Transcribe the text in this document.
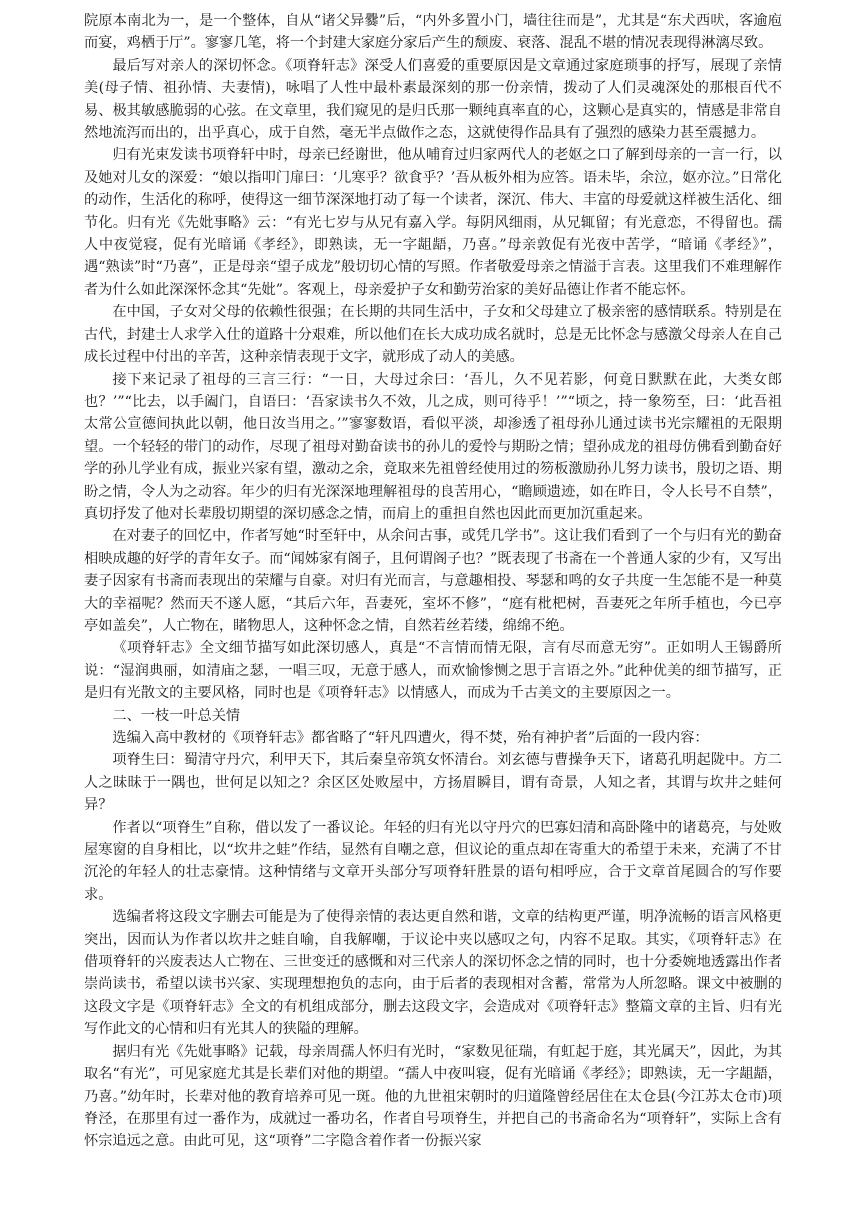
院原本南北为一，是一个整体，自从“诸父异爨”后，“内外多置小门，墙往往而是”，尤其是“东犬西吠，客逾庖而宴，鸡栖于厅”。寥寥几笔，将一个封建大家庭分家后产生的颓废、衰落、混乱不堪的情况表现得淋漓尽致。

最后写对亲人的深切怀念。《项脊轩志》深受人们喜爱的重要原因是文章通过家庭琐事的抒写，展现了亲情美(母子情、祖孙情、夫妻情)，咏唱了人性中最朴素最深刻的那一份亲情，拨动了人们灵魂深处的那根百代不易、极其敏感脆弱的心弦。在文章里，我们窥见的是归氏那一颗纯真率直的心，这颗心是真实的，情感是非常自然地流泻而出的，出乎真心，成于自然，毫无半点做作之态，这就使得作品具有了强烈的感染力甚至震撼力。

归有光束发读书项脊轩中时，母亲已经谢世，他从哺育过归家两代人的老妪之口了解到母亲的一言一行，以及她对儿女的深爱：“娘以指叩门扉曰：‘儿寒乎？欲食乎？’吾从板外相为应答。语未毕，余泣，妪亦泣。”日常化的动作，生活化的称呼，使得这一细节深深地打动了每一个读者，深沉、伟大、丰富的母爱就这样被生活化、细节化。归有光《先妣事略》云：“有光七岁与从兄有嘉入学。每阴风细雨，从兄辄留；有光意恋，不得留也。孺人中夜觉寝，促有光暗诵《孝经》，即熟读，无一字龃龉，乃喜。”母亲敦促有光夜中苦学，“暗诵《孝经》”，遇“熟读”时“乃喜”，正是母亲“望子成龙”般切切心情的写照。作者敬爱母亲之情溢于言表。这里我们不难理解作者为什么如此深深怀念其“先妣”。客观上，母亲爱护子女和勤劳治家的美好品德让作者不能忘怀。

在中国，子女对父母的依赖性很强；在长期的共同生活中，子女和父母建立了极亲密的感情联系。特别是在古代，封建士人求学入仕的道路十分艰难，所以他们在长大成功成名就时，总是无比怀念与感激父母亲人在自己成长过程中付出的辛苦，这种亲情表现于文字，就形成了动人的美感。

接下来记录了祖母的三言三行：“一日，大母过余曰：‘吾儿，久不见若影，何竟日默默在此，大类女郎也？’”“比去，以手阖门，自语曰：‘吾家读书久不效，儿之成，则可待乎！’”“顷之，持一象笏至，曰：‘此吾祖太常公宣德间执此以朝，他日汝当用之。’”寥寥数语，看似平淡，却渗透了祖母孙儿通过读书光宗耀祖的无限期望。一个轻轻的带门的动作，尽现了祖母对勤奋读书的孙儿的爱怜与期盼之情；望孙成龙的祖母仿佛看到勤奋好学的孙儿学业有成，振业兴家有望，激动之余，竟取来先祖曾经使用过的笏板激励孙儿努力读书，殷切之语、期盼之情，令人为之动容。年少的归有光深深地理解祖母的良苦用心，“瞻顾遗迹，如在昨日，令人长号不自禁”，真切抒发了他对长辈殷切期望的深切感念之情，而肩上的重担自然也因此而更加沉重起来。

在对妻子的回忆中，作者写她“时至轩中，从余问古事，或凭几学书”。这让我们看到了一个与归有光的勤奋相映成趣的好学的青年女子。而“闻姊家有阁子，且何谓阁子也？”既表现了书斋在一个普通人家的少有，又写出妻子因家有书斋而表现出的荣耀与自豪。对归有光而言，与意趣相投、琴瑟和鸣的女子共度一生怎能不是一种莫大的幸福呢？然而天不遂人愿，“其后六年，吾妻死，室坏不修”，“庭有枇杷树，吾妻死之年所手植也，今已亭亭如盖矣”，人亡物在，睹物思人，这种怀念之情，自然若丝若缕，绵绵不绝。

《项脊轩志》全文细节描写如此深切感人，真是“不言情而情无限，言有尽而意无穷”。正如明人王锡爵所说：“湿润典丽，如清庙之瑟，一唱三叹，无意于感人，而欢愉惨恻之思于言语之外。”此种优美的细节描写，正是归有光散文的主要风格，同时也是《项脊轩志》以情感人，而成为千古美文的主要原因之一。

二、一枝一叶总关情

选编入高中教材的《项脊轩志》都省略了“轩凡四遭火，得不焚，殆有神护者”后面的一段内容：

项脊生曰：蜀清守丹穴，利甲天下，其后秦皇帝筑女怀清台。刘玄德与曹操争天下，诸葛孔明起陇中。方二人之昧昧于一隅也，世何足以知之？余区区处败屋中，方扬眉瞬目，谓有奇景，人知之者，其谓与坎井之蛙何异？

作者以“项脊生”自称，借以发了一番议论。年轻的归有光以守丹穴的巴寡妇清和高卧隆中的诸葛亮，与处败屋寒窗的自身相比，以“坎井之蛙”作结，显然有自嘲之意，但议论的重点却在寄重大的希望于未来，充满了不甘沉沦的年轻人的壮志豪情。这种情绪与文章开头部分写项脊轩胜景的语句相呼应，合于文章首尾圆合的写作要求。

选编者将这段文字删去可能是为了使得亲情的表达更自然和谐，文章的结构更严谨，明净流畅的语言风格更突出，因而认为作者以坎井之蛙自喻，自我解嘲，于议论中夹以感叹之句，内容不足取。其实，《项脊轩志》在借项脊轩的兴废表达人亡物在、三世变迁的感慨和对三代亲人的深切怀念之情的同时，也十分委婉地透露出作者崇尚读书，希望以读书兴家、实现理想抱负的志向，由于后者的表现相对含蓄，常常为人所忽略。课文中被删的这段文字是《项脊轩志》全文的有机组成部分，删去这段文字，会造成对《项脊轩志》整篇文章的主旨、归有光写作此文的心情和归有光其人的狭隘的理解。

据归有光《先妣事略》记载，母亲周孺人怀归有光时，“家数见征瑞，有虹起于庭，其光属天”，因此，为其取名“有光”，可见家庭尤其是长辈们对他的期望。“孺人中夜叫寝，促有光暗诵《孝经》；即熟读，无一字龃龉，乃喜。”幼年时，长辈对他的教育培养可见一斑。他的九世祖宋朝时的归道隆曾经居住在太仓县(今江苏太仓市)项脊泾，在那里有过一番作为，成就过一番功名，作者自号项脊生，并把自己的书斋命名为“项脊轩”，实际上含有怀宗追远之意。由此可见，这“项脊”二字隐含着作者一份振兴家
